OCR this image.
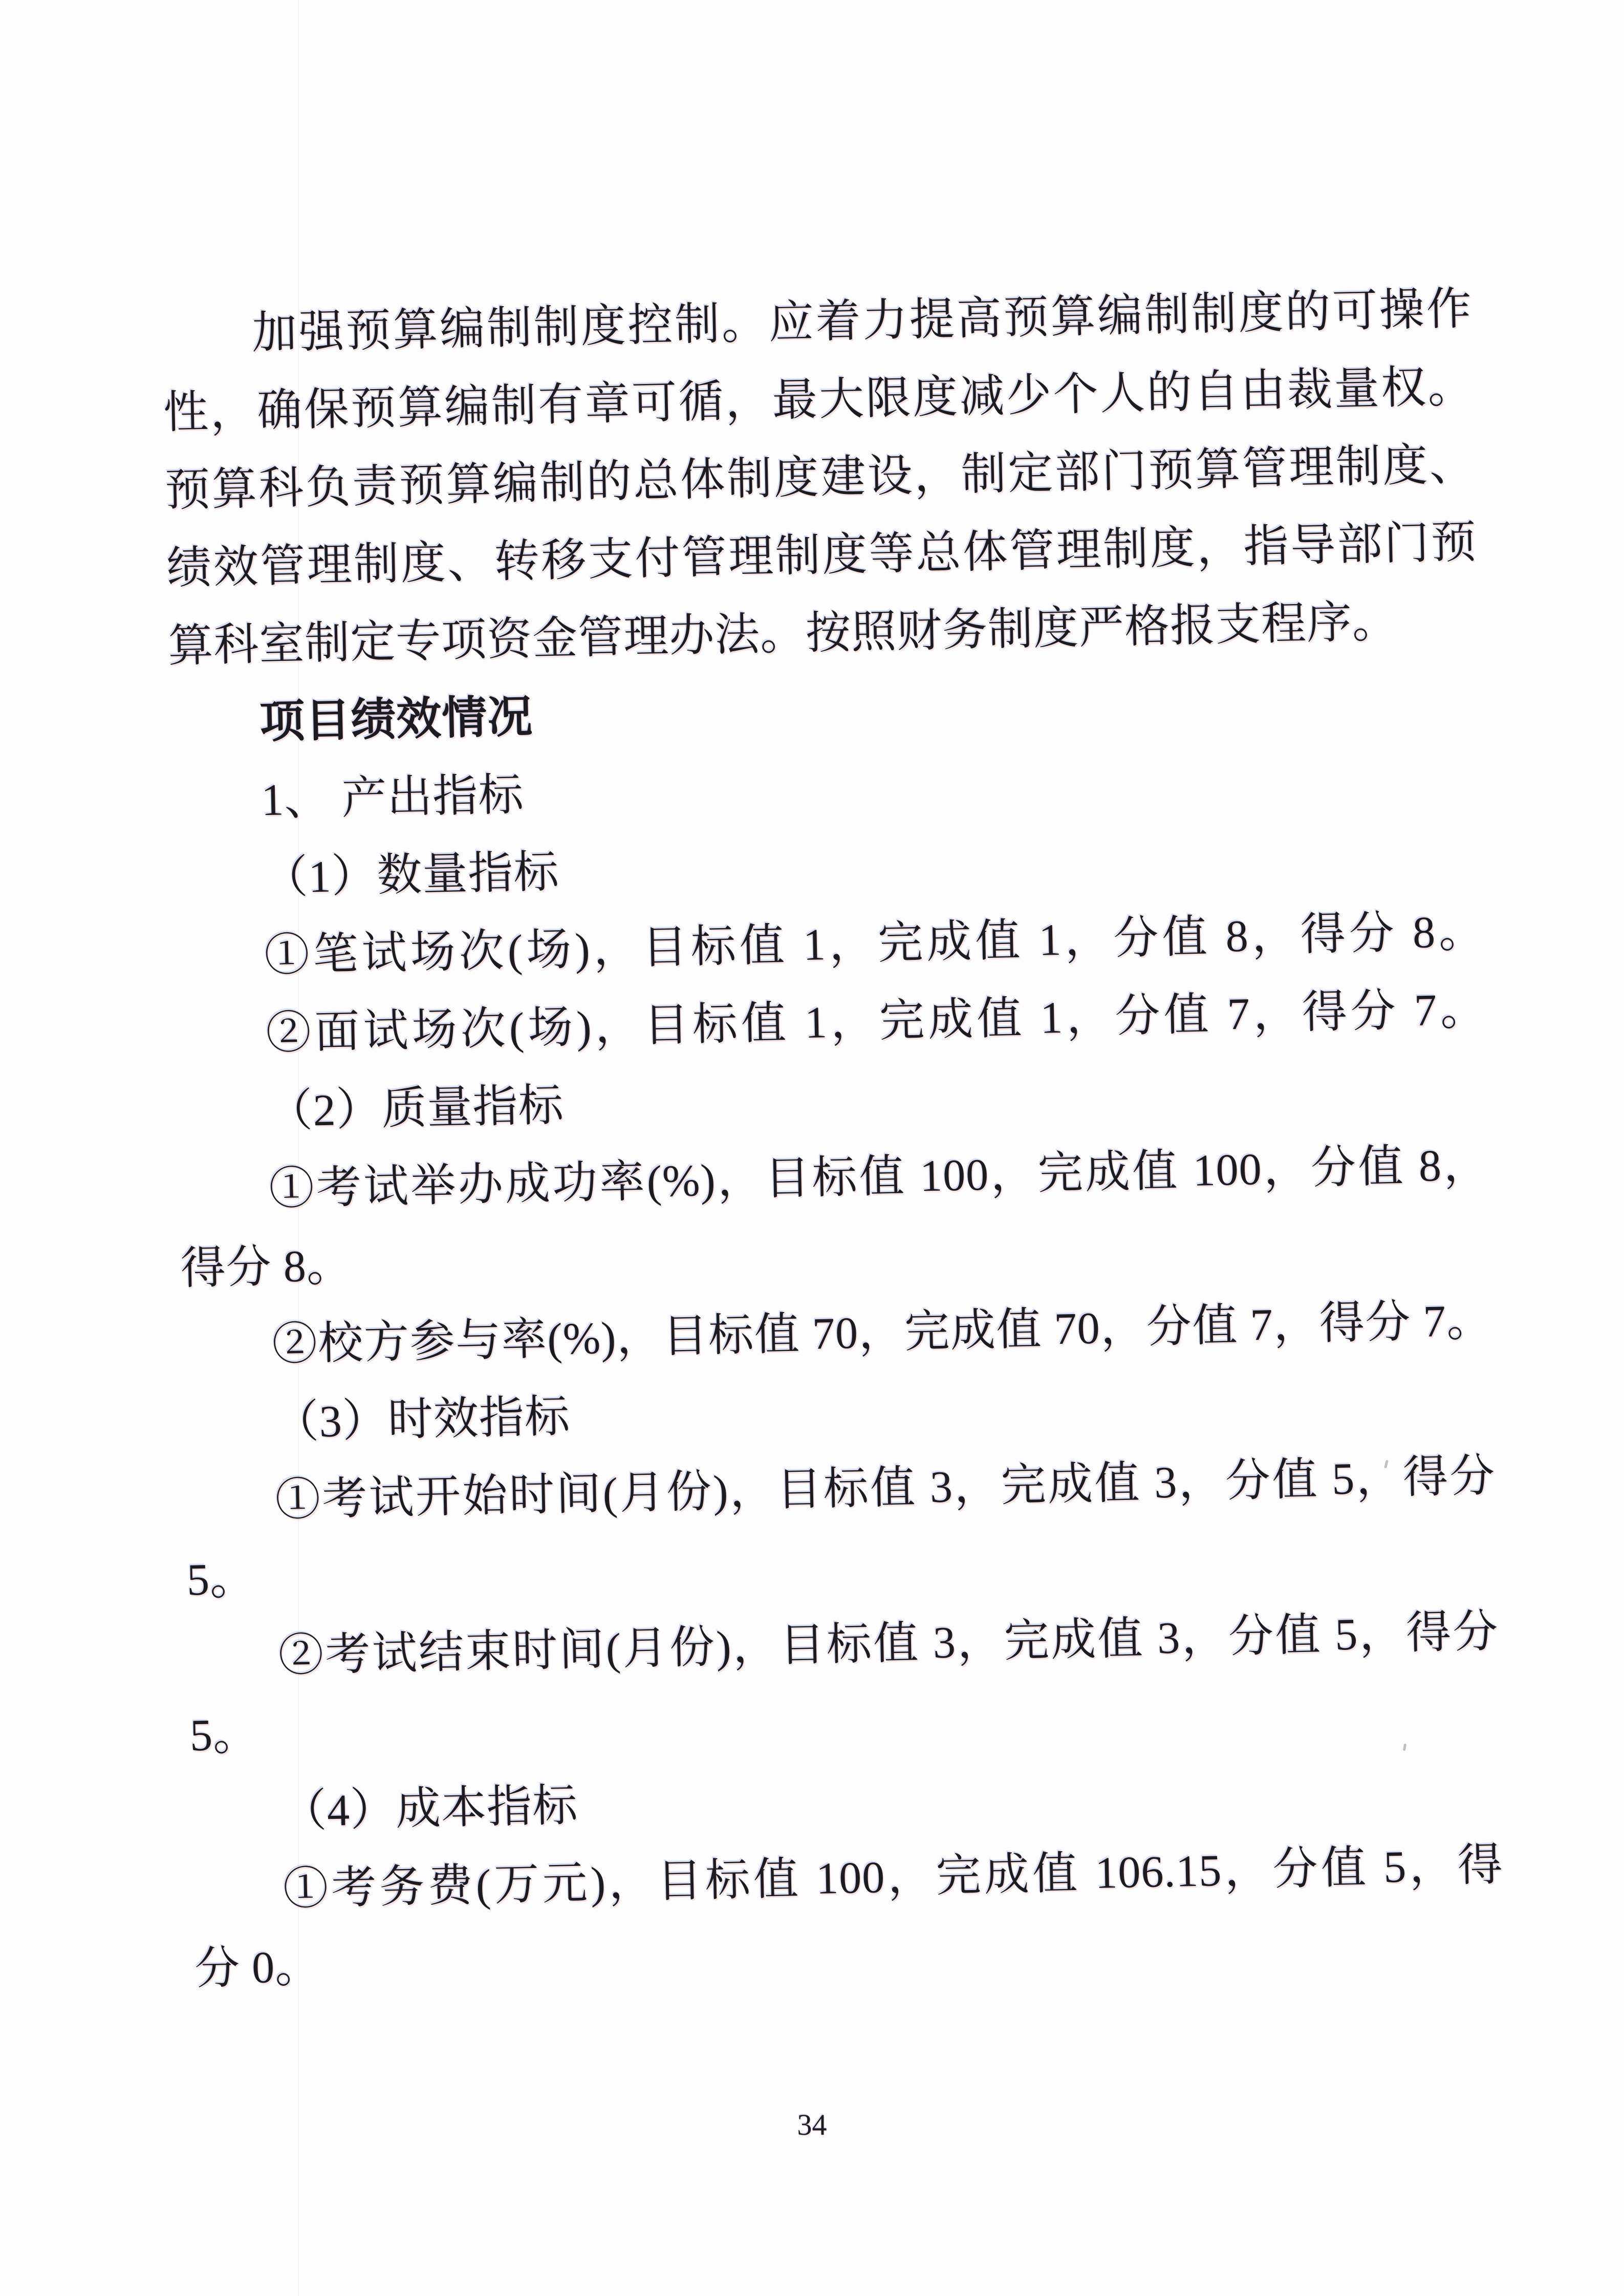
加强预算编制制度控制。应着力提高预算编制制度的可操作
性，确保预算编制有章可循，最大限度减少个人的自由裁量权。
预算科负责预算编制的总体制度建设，制定部门预算管理制度、
绩效管理制度、转移支付管理制度等总体管理制度，指导部门预
算科室制定专项资金管理办法。按照财务制度严格报支程序。
项目绩效情况
1、 产出指标
（1）数量指标
①笔试场次(场)，目标值 1，完成值 1，分值 8，得分 8。
②面试场次(场)，目标值 1，完成值 1，分值 7，得分 7。
（2）质量指标
①考试举办成功率(%)，目标值 100，完成值 100，分值 8，
得分 8。
②校方参与率(%)，目标值 70，完成值 70，分值 7，得分 7。
（3）时效指标
①考试开始时间(月份)，目标值 3，完成值 3，分值 5，得分
5。
②考试结束时间(月份)，目标值 3，完成值 3，分值 5，得分
5。
（4）成本指标
①考务费(万元)，目标值 100，完成值 106.15，分值 5，得
分 0。
34
